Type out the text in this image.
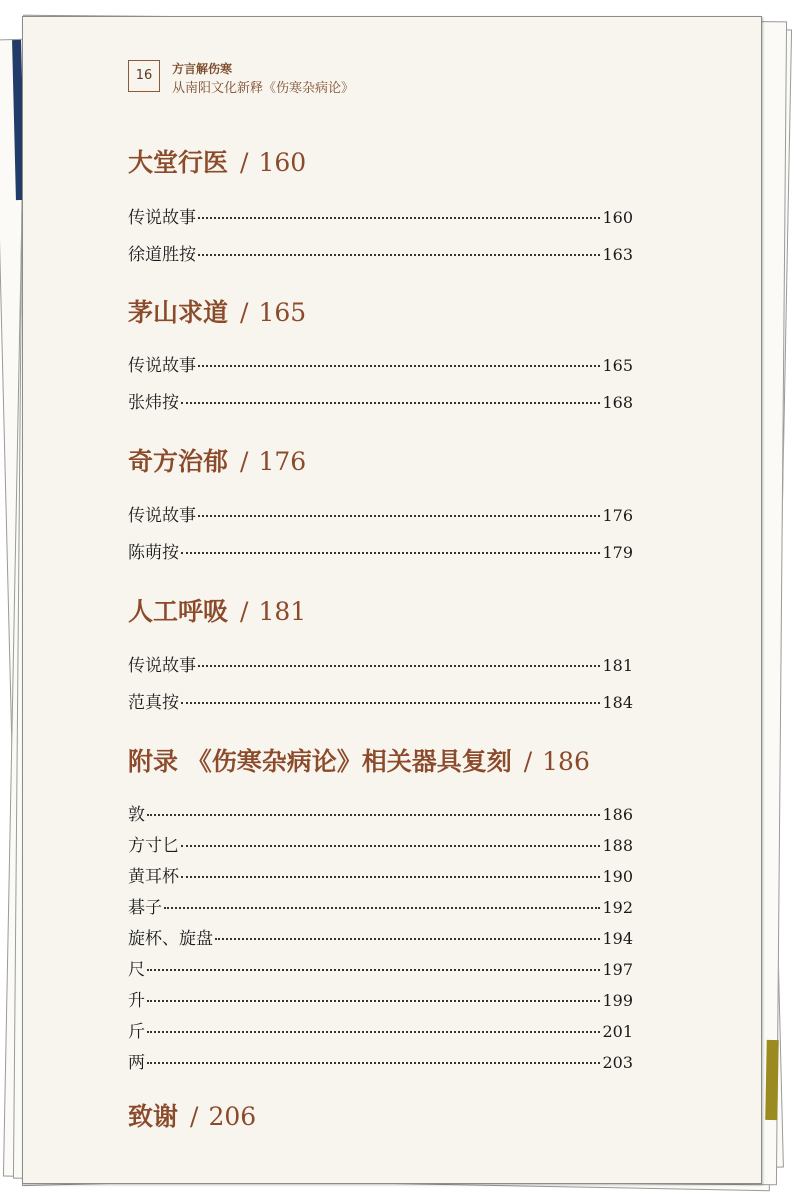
16	方言解伤寒
从南阳文化新释《伤寒杂病论》
大堂行医 / 160
传说故事	160
徐道胜按	163
茅山求道 / 165
传说故事	165
张炜按	168
奇方治郁 / 176
传说故事	176
陈萌按	179
人工呼吸 / 181
传说故事	181
范真按	184
附录 《伤寒杂病论》相关器具复刻 / 186
敦	186
方寸匕	188
黄耳杯	190
碁子	192
旋杯、旋盘	194
尺	197
升	199
斤	201
两	203
致谢 / 206
